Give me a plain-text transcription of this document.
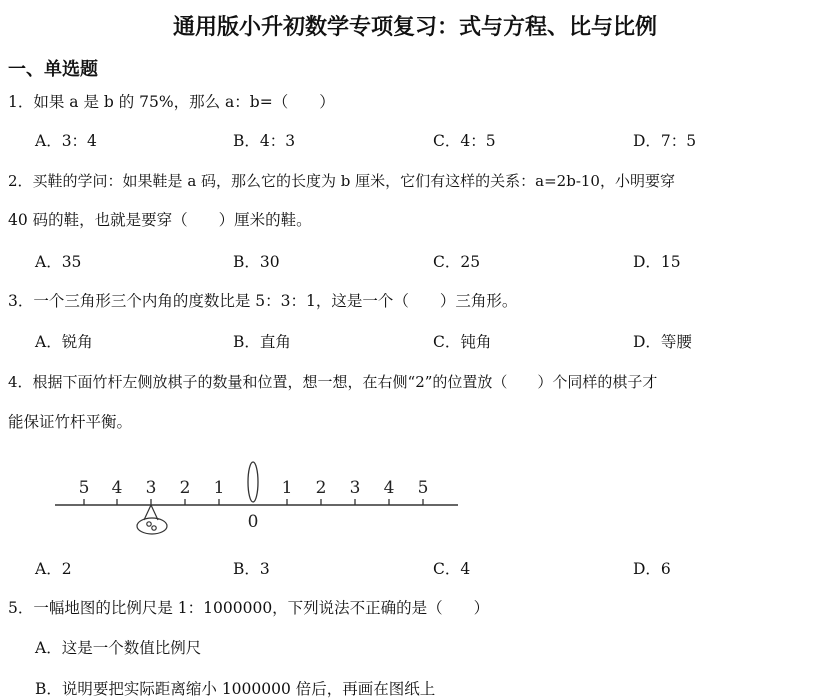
通用版小升初数学专项复习：式与方程、比与比例
一、单选题
1．如果 a 是 b 的 75%，那么 a：b=（　　）
A．3：4	B．4：3	C．4：5	D．7：5
2．买鞋的学问：如果鞋是 a 码，那么它的长度为 b 厘米，它们有这样的关系：a=2b-10，小明要穿
40 码的鞋，也就是要穿（　　）厘米的鞋。
A．35	B．30	C．25	D．15
3．一个三角形三个内角的度数比是 5：3：1，这是一个（　　）三角形。
A．锐角	B．直角	C．钝角	D．等腰
4．根据下面竹杆左侧放棋子的数量和位置，想一想，在右侧“2”的位置放（　　）个同样的棋子才
能保证竹杆平衡。
5 4 3 2 1	1 2 3 4 5
0
A．2	B．3	C．4	D．6
5．一幅地图的比例尺是 1：1000000，下列说法不正确的是（　　）
A．这是一个数值比例尺
B．说明要把实际距离缩小 1000000 倍后，再画在图纸上
